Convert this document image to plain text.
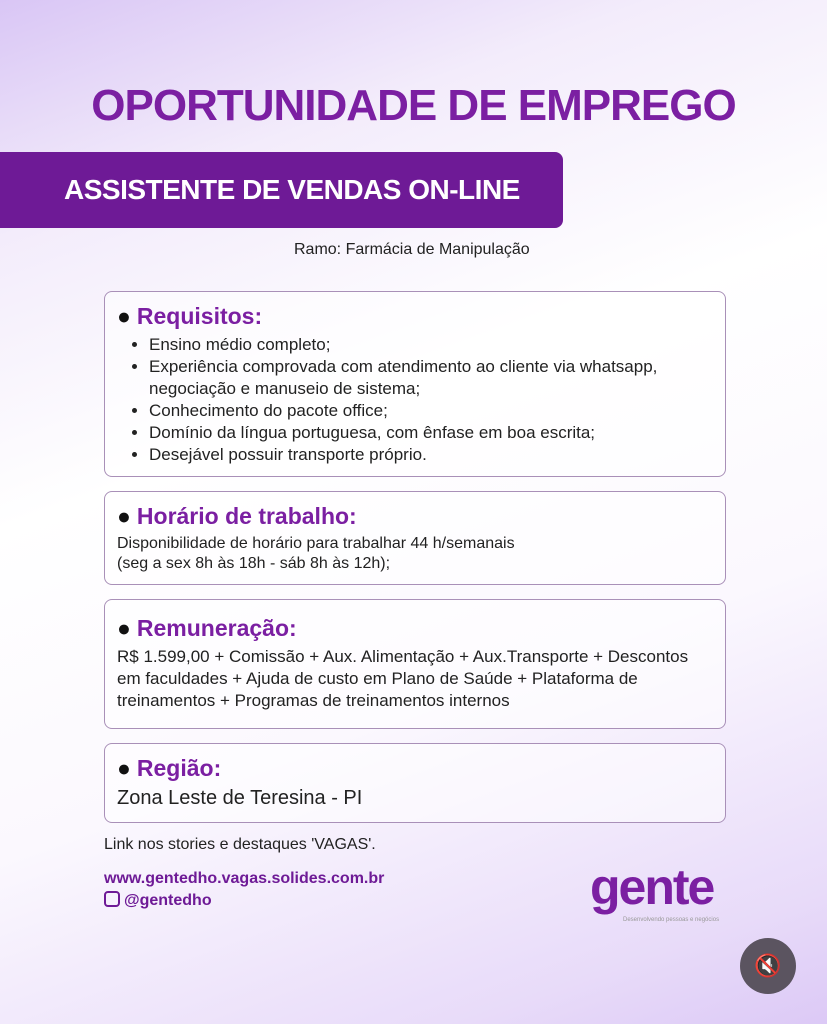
OPORTUNIDADE DE EMPREGO
ASSISTENTE DE VENDAS ON-LINE
Ramo: Farmácia de Manipulação
● Requisitos:
• Ensino médio completo;
• Experiência comprovada com atendimento ao cliente via whatsapp, negociação e manuseio de sistema;
• Conhecimento do pacote office;
• Domínio da língua portuguesa, com ênfase em boa escrita;
• Desejável possuir transporte próprio.
● Horário de trabalho:

Disponibilidade de horário para trabalhar 44 h/semanais

(seg a sex 8h às 18h - sáb 8h às 12h);

● Remuneração:

R$ 1.599,00 + Comissão + Aux. Alimentação + Aux.Transporte + Descontos em faculdades + Ajuda de custo em Plano de Saúde + Plataforma de treinamentos + Programas de treinamentos internos

● Região:

Zona Leste de Teresina - PI

Link nos stories e destaques 'VAGAS'.
www.gentedho.vagas.solides.com.br
@gentedho	gente
Desenvolvendo pessoas e negócios
🔇
